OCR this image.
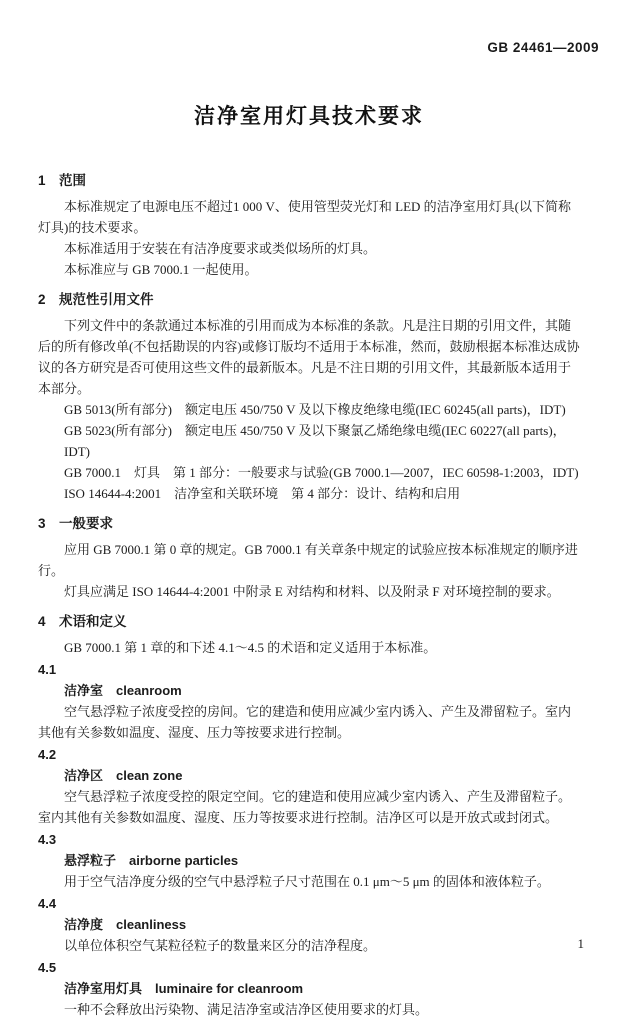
GB 24461—2009
洁净室用灯具技术要求
1　范围
本标准规定了电源电压不超过1 000 V、使用管型荧光灯和 LED 的洁净室用灯具(以下简称灯具)的技术要求。
本标准适用于安装在有洁净度要求或类似场所的灯具。
本标准应与 GB 7000.1 一起使用。
2　规范性引用文件
下列文件中的条款通过本标准的引用而成为本标准的条款。凡是注日期的引用文件，其随后的所有修改单(不包括勘误的内容)或修订版均不适用于本标准，然而，鼓励根据本标准达成协议的各方研究是否可使用这些文件的最新版本。凡是不注日期的引用文件，其最新版本适用于本部分。
GB 5013(所有部分)　额定电压 450/750 V 及以下橡皮绝缘电缆(IEC 60245(all parts)，IDT)
GB 5023(所有部分)　额定电压 450/750 V 及以下聚氯乙烯绝缘电缆(IEC 60227(all parts)，IDT)
GB 7000.1　灯具　第 1 部分：一般要求与试验(GB 7000.1—2007，IEC 60598-1:2003，IDT)
ISO 14644-4:2001　洁净室和关联环境　第 4 部分：设计、结构和启用
3　一般要求
应用 GB 7000.1 第 0 章的规定。GB 7000.1 有关章条中规定的试验应按本标准规定的顺序进行。
灯具应满足 ISO 14644-4:2001 中附录 E 对结构和材料、以及附录 F 对环境控制的要求。
4　术语和定义
GB 7000.1 第 1 章的和下述 4.1～4.5 的术语和定义适用于本标准。
4.1
洁净室　cleanroom
空气悬浮粒子浓度受控的房间。它的建造和使用应减少室内诱入、产生及滞留粒子。室内其他有关参数如温度、湿度、压力等按要求进行控制。
4.2
洁净区　clean zone
空气悬浮粒子浓度受控的限定空间。它的建造和使用应减少室内诱入、产生及滞留粒子。室内其他有关参数如温度、湿度、压力等按要求进行控制。洁净区可以是开放式或封闭式。
4.3
悬浮粒子　airborne particles
用于空气洁净度分级的空气中悬浮粒子尺寸范围在 0.1 μm～5 μm 的固体和液体粒子。
4.4
洁净度　cleanliness
以单位体积空气某粒径粒子的数量来区分的洁净程度。
4.5
洁净室用灯具　luminaire for cleanroom
一种不会释放出污染物、满足洁净室或洁净区使用要求的灯具。
1
